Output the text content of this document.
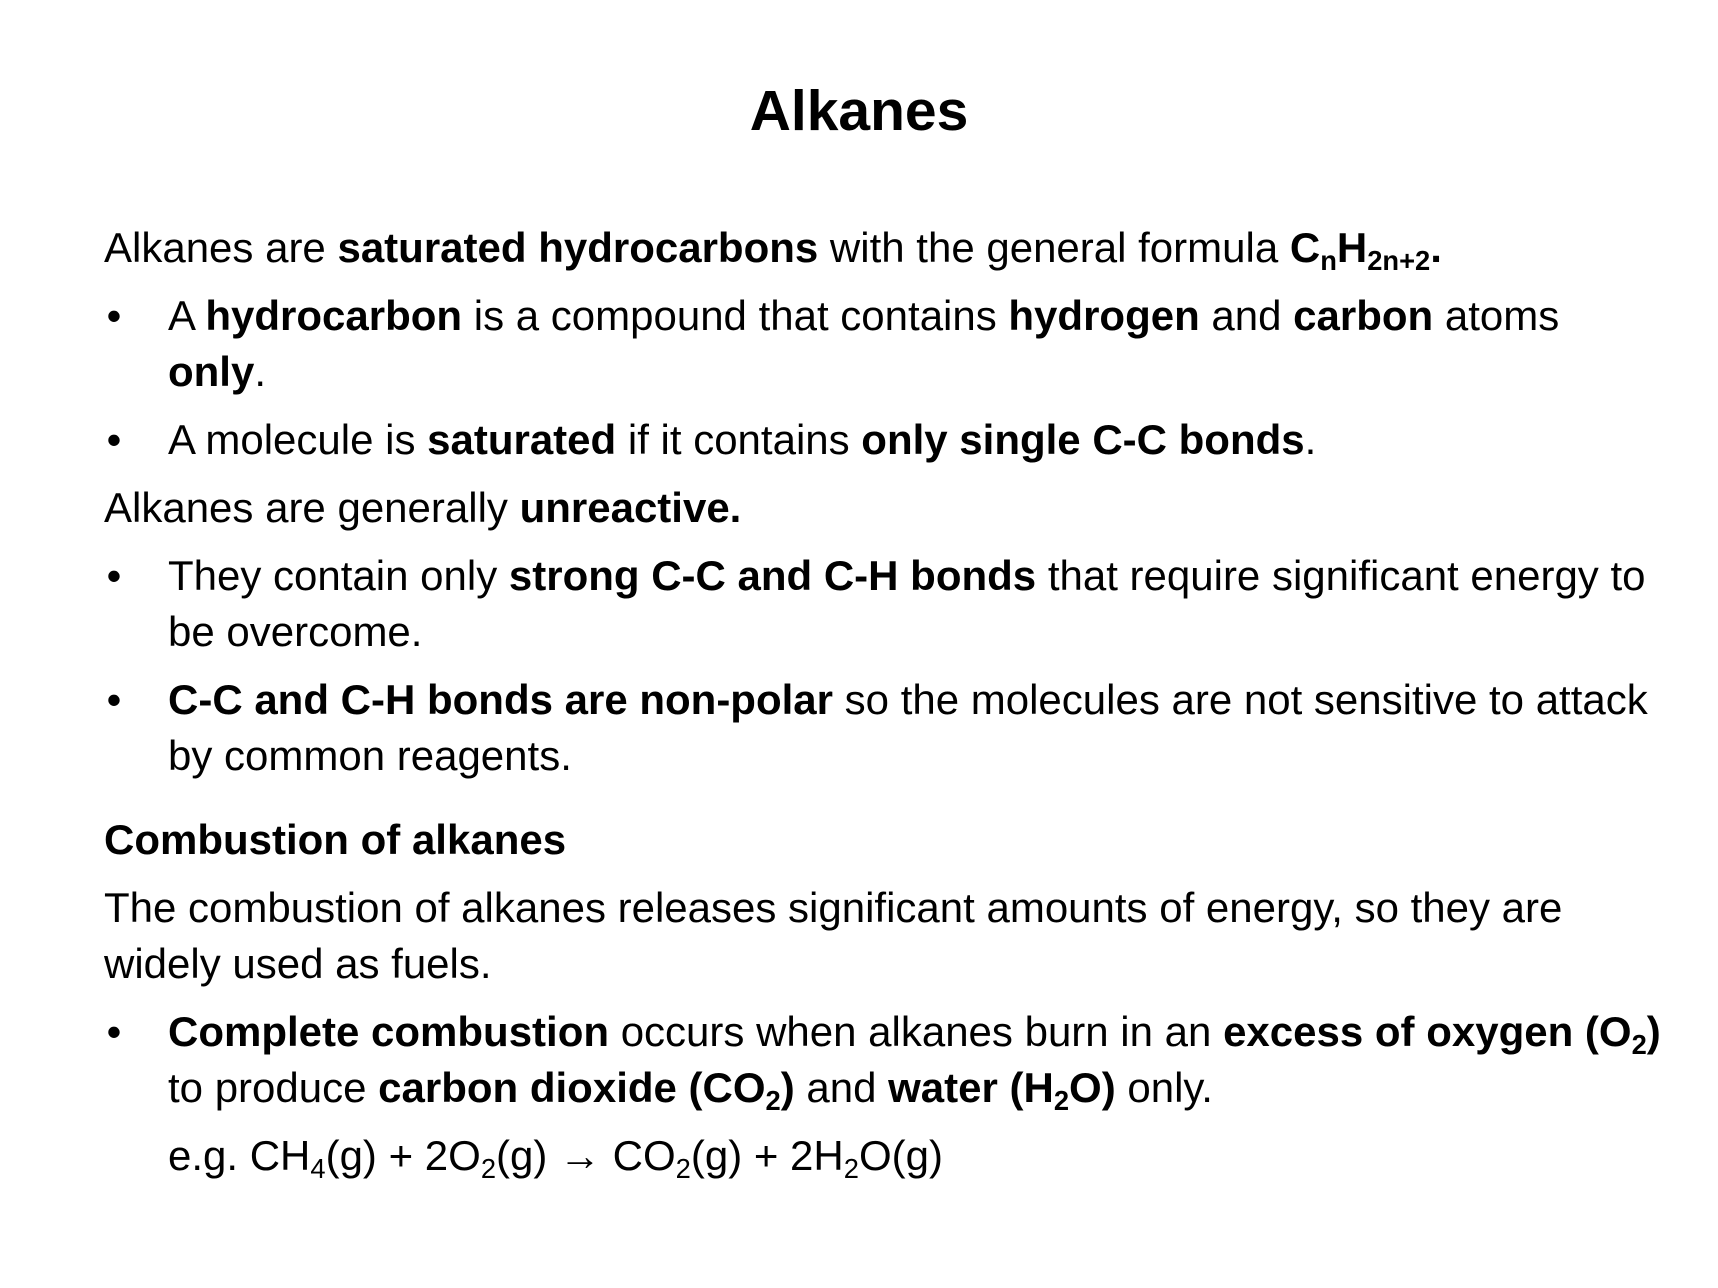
Alkanes

Alkanes are saturated hydrocarbons with the general formula $C_nH_{2n+2}$.

• A hydrocarbon is a compound that contains hydrogen and carbon atoms only.

• A molecule is saturated if it contains only single C-C bonds.

Alkanes are generally unreactive.

• They contain only strong C-C and C-H bonds that require significant energy to be overcome.

• C-C and C-H bonds are non-polar so the molecules are not sensitive to attack by common reagents.

Combustion of alkanes

The combustion of alkanes releases significant amounts of energy, so they are widely used as fuels.

• Complete combustion occurs when alkanes burn in an excess of oxygen $(O_2)$ to produce carbon dioxide $(CO_2)$ and water $(H_2O)$ only.

e.g. $CH_4(g) + 2O_2(g) \to CO_2(g) + 2H_2O(g)$
